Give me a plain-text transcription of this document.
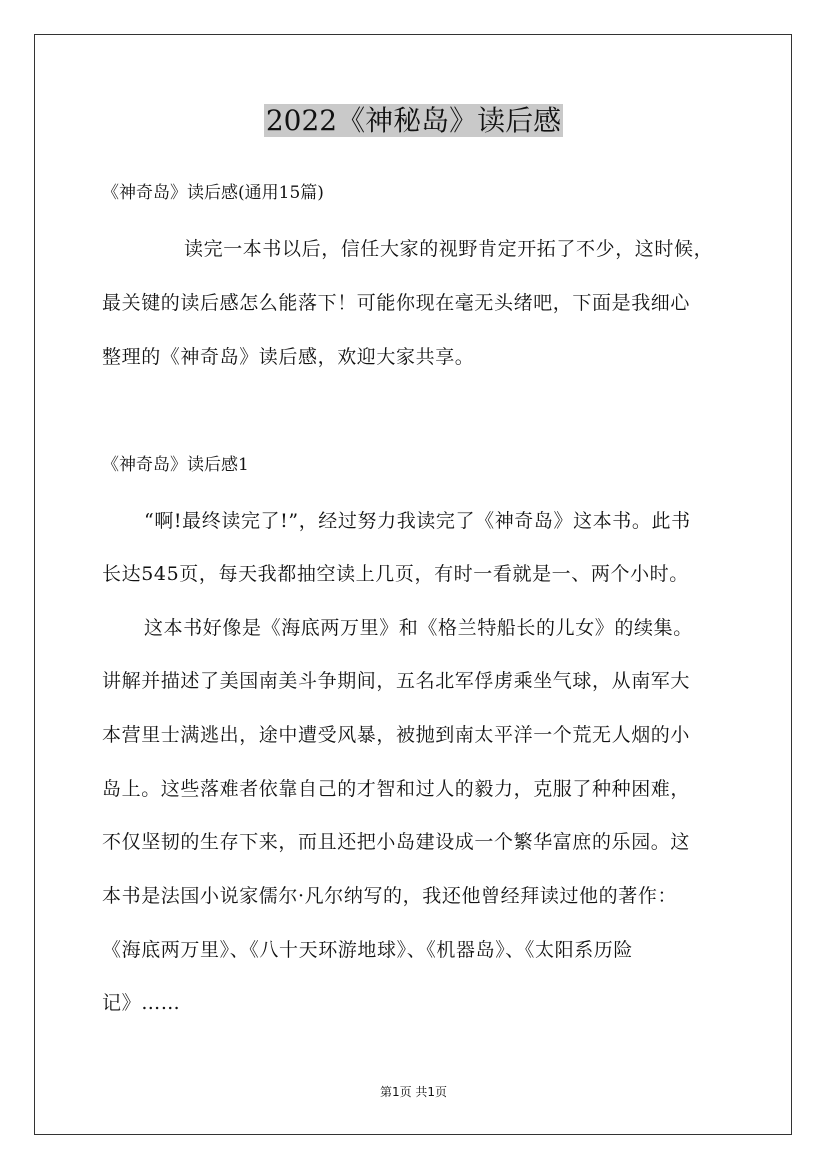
2022《神秘岛》读后感
《神奇岛》读后感(通用15篇)
读完一本书以后，信任大家的视野肯定开拓了不少，这时候，
最关键的读后感怎么能落下！可能你现在毫无头绪吧，下面是我细心
整理的《神奇岛》读后感，欢迎大家共享。
《神奇岛》读后感1
“啊!最终读完了!”，经过努力我读完了《神奇岛》这本书。此书
长达545页，每天我都抽空读上几页，有时一看就是一、两个小时。
这本书好像是《海底两万里》和《格兰特船长的儿女》的续集。
讲解并描述了美国南美斗争期间，五名北军俘虏乘坐气球，从南军大
本营里士满逃出，途中遭受风暴，被抛到南太平洋一个荒无人烟的小
岛上。这些落难者依靠自己的才智和过人的毅力，克服了种种困难，
不仅坚韧的生存下来，而且还把小岛建设成一个繁华富庶的乐园。这
本书是法国小说家儒尔·凡尔纳写的，我还他曾经拜读过他的著作：
《海底两万里》、《八十天环游地球》、《机器岛》、《太阳系历险
记》……
第1页 共1页
